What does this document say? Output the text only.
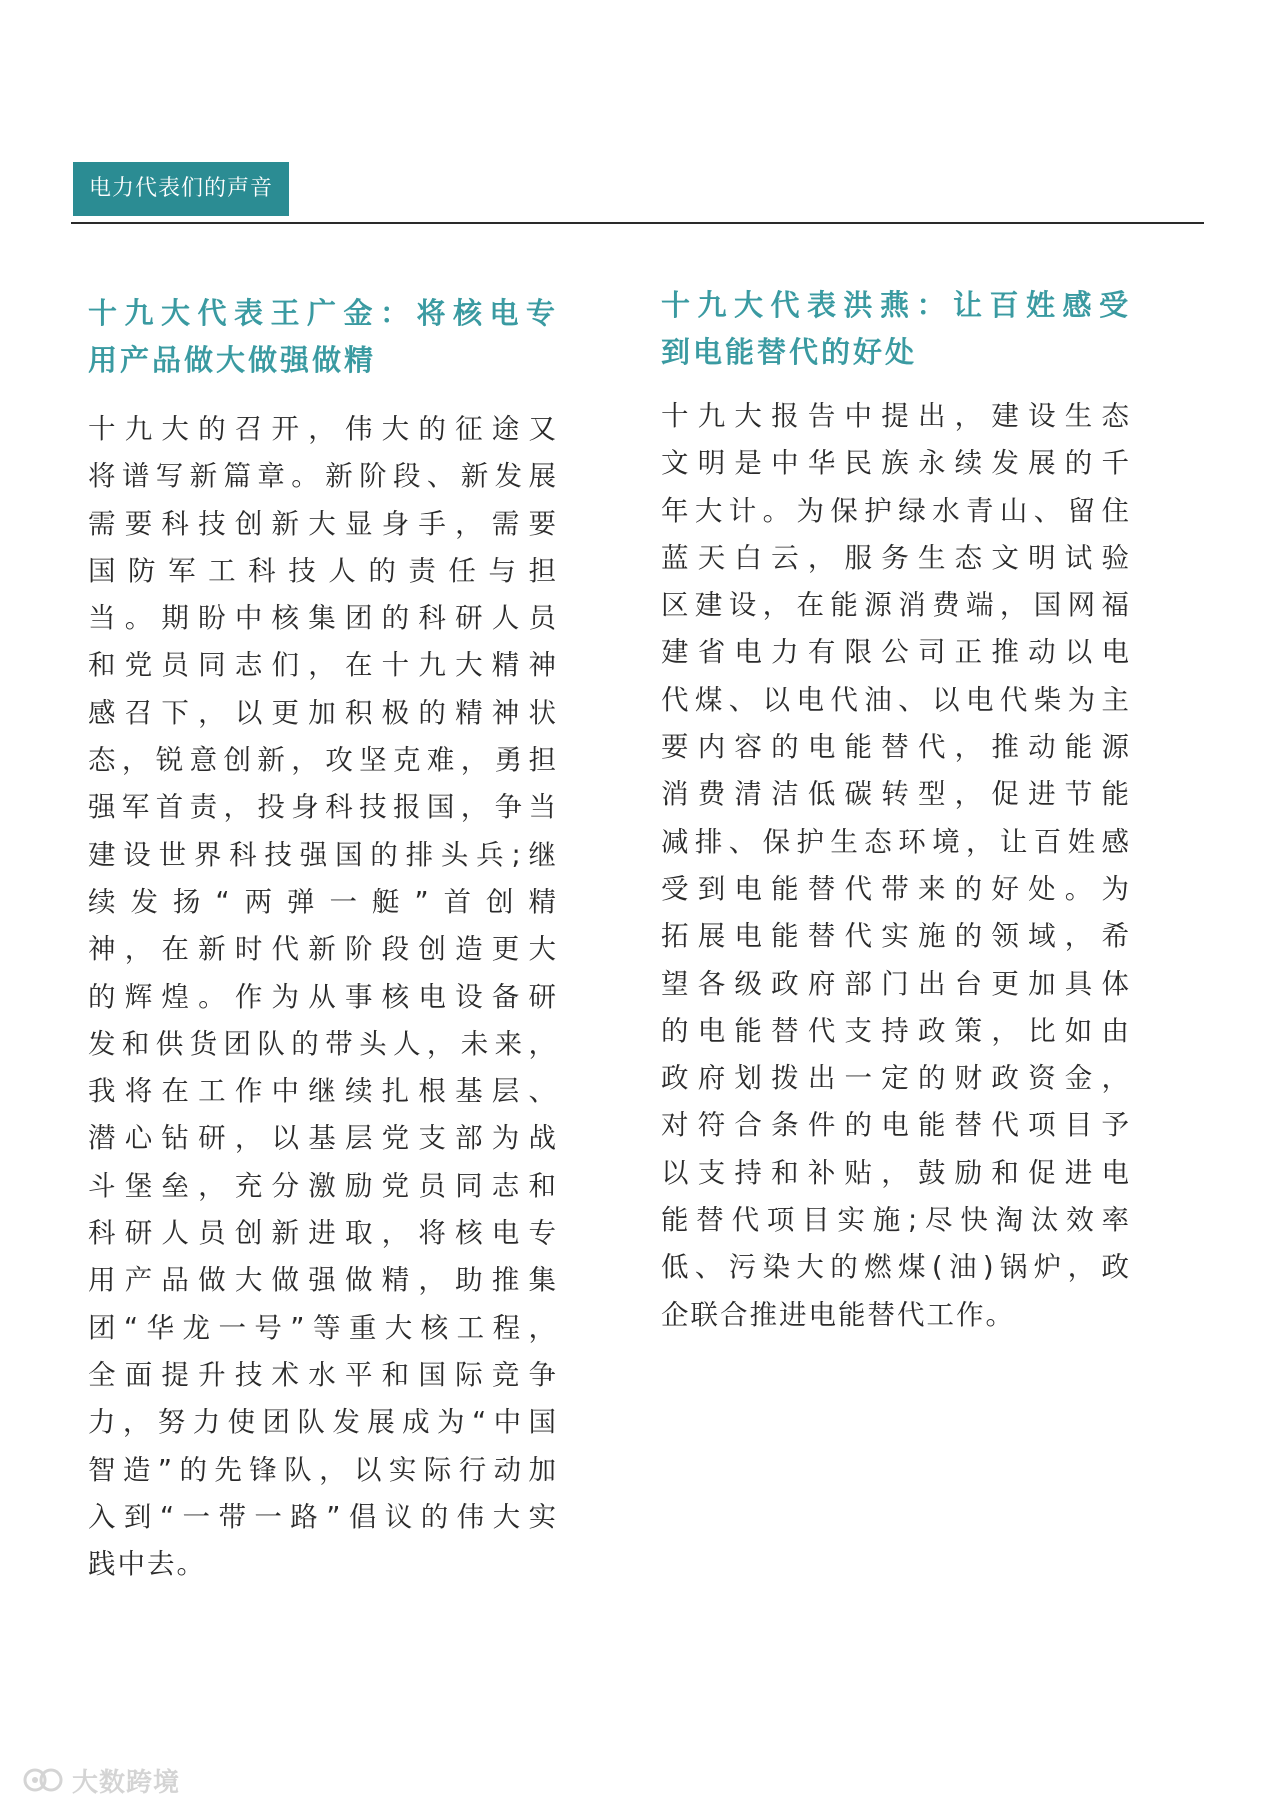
电力代表们的声音
十九大代表王广金：将核电专
用产品做大做强做精
十九大的召开，伟大的征途又
将谱写新篇章。新阶段、新发展
需要科技创新大显身手，需要
国防军工科技人的责任与担
当。期盼中核集团的科研人员
和党员同志们，在十九大精神
感召下，以更加积极的精神状
态，锐意创新，攻坚克难，勇担
强军首责，投身科技报国，争当
建设世界科技强国的排头兵;继
续发扬“两弹一艇”首创精
神，在新时代新阶段创造更大
的辉煌。作为从事核电设备研
发和供货团队的带头人，未来，
我将在工作中继续扎根基层、
潜心钻研，以基层党支部为战
斗堡垒，充分激励党员同志和
科研人员创新进取，将核电专
用产品做大做强做精，助推集
团“华龙一号”等重大核工程，
全面提升技术水平和国际竞争
力，努力使团队发展成为“中国
智造”的先锋队，以实际行动加
入到“一带一路”倡议的伟大实
践中去。
十九大代表洪燕：让百姓感受
到电能替代的好处
十九大报告中提出，建设生态
文明是中华民族永续发展的千
年大计。为保护绿水青山、留住
蓝天白云，服务生态文明试验
区建设，在能源消费端，国网福
建省电力有限公司正推动以电
代煤、以电代油、以电代柴为主
要内容的电能替代，推动能源
消费清洁低碳转型，促进节能
减排、保护生态环境，让百姓感
受到电能替代带来的好处。为
拓展电能替代实施的领域，希
望各级政府部门出台更加具体
的电能替代支持政策，比如由
政府划拨出一定的财政资金，
对符合条件的电能替代项目予
以支持和补贴，鼓励和促进电
能替代项目实施;尽快淘汰效率
低、污染大的燃煤(油)锅炉，政
企联合推进电能替代工作。
大数跨境
